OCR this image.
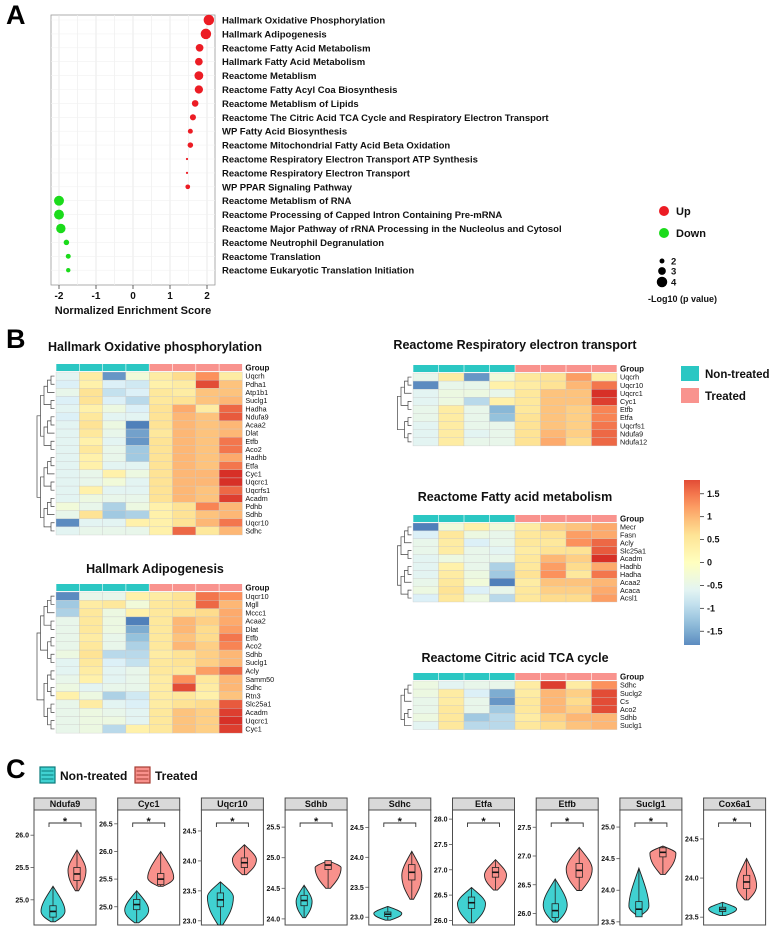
-2	-1	0	1	2
Normalized Enrichment Score
Hallmark Oxidative Phosphorylation
Hallmark Adipogenesis
Reactome Fatty Acid Metabolism
Hallmark Fatty Acid Metabolism
Reactome Metablism
Reactome Fatty Acyl Coa Biosynthesis
Reactome Metablism of Lipids
Reactome The Citric Acid TCA Cycle and Respiratory Electron Transport
WP Fatty Acid Biosynthesis
Reactome Mitochondrial Fatty Acid Beta Oxidation
Reactome Respiratory Electron Transport ATP Synthesis
Reactome Respiratory Electron Transport
WP PPAR Signaling Pathway
Reactome Metablism of RNA
Reactome Processing of Capped Intron Containing Pre-mRNA
Reactome Major Pathway of rRNA Processing in the Nucleolus and Cytosol
Reactome Neutrophil Degranulation
Reactome Translation
Reactome Eukaryotic Translation Initiation
Up
Down
2
3
4
-Log10 (p value)
Hallmark Oxidative phosphorylation
Group
Uqcrh
Pdha1
Atp1b1
Suclg1
Hadha
Ndufa9
Acaa2
Dlat
Etfb
Aco2
Hadhb
Etfa
Cyc1
Uqcrc1
Uqcrfs1
Acadm
Pdhb
Sdhb
Uqcr10
Sdhc
Hallmark Adipogenesis
Group
Uqcr10
Mgll
Mccc1
Acaa2
Dlat
Etfb
Aco2
Sdhb
Suclg1
Acly
Samm50
Sdhc
Rtn3
Slc25a1
Acadm
Uqcrc1
Cyc1
Reactome Respiratory electron transport
Group
Uqcrh
Uqcr10
Uqcrc1
Cyc1
Etfb
Etfa
Uqcrfs1
Ndufa9
Ndufa12
Reactome Fatty acid metabolism
Group
Mecr
Fasn
Acly
Slc25a1
Acadm
Hadhb
Hadha
Acaa2
Acaca
Acsl1
Reactome Citric acid TCA cycle
Group
Sdhc
Suclg2
Cs
Aco2
Sdhb
Suclg1
Non-treated
Treated
1.5
1
0.5
0
-0.5
-1
-1.5
Non-treated Treated
Ndufa9
25.0
25.5
26.0
*
Cyc1
25.0
25.5
26.0
26.5	*
Uqcr10
23.0
23.5
24.0
24.5
*
Sdhb
24.0
24.5
25.0
25.5
*
Sdhc
23.0
23.5
24.0
24.5
*
Etfa
26.0
26.5
27.0
27.5
28.0	*
Etfb
26.0
26.5
27.0
27.5
*
Suclg1
23.5
24.0
24.5
25.0
*
Cox6a1
23.5
24.0
24.5
*
A
B
C
